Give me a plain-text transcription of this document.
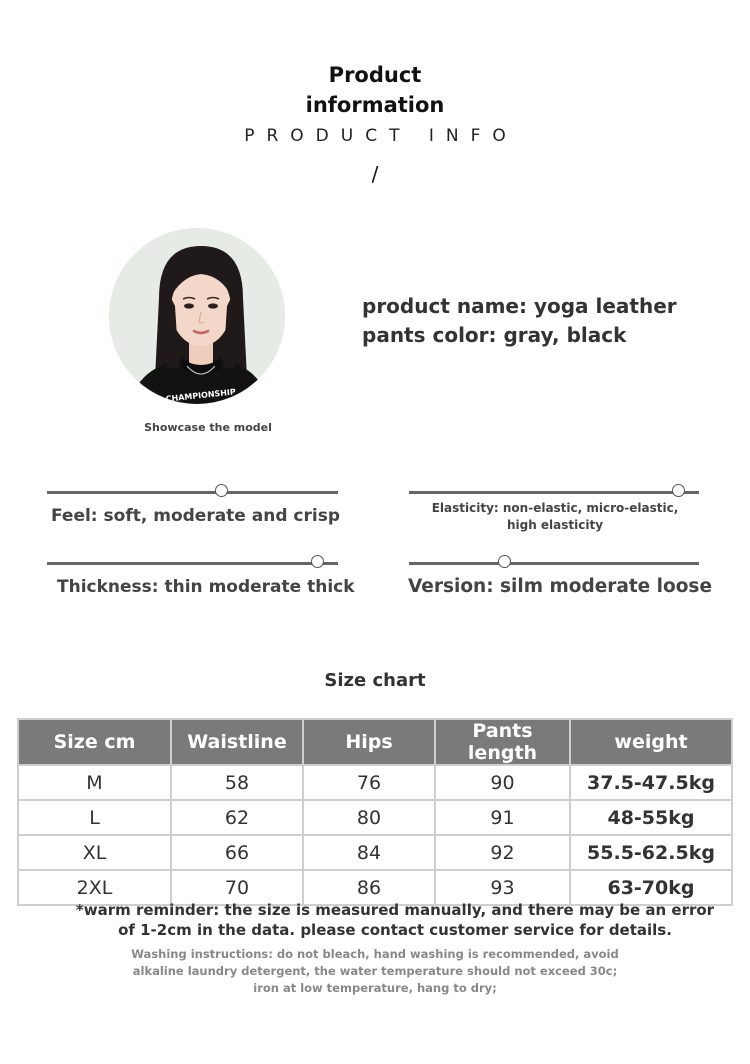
Product
information
PRODUCT INFO
/
CHAMPIONSHIP
Showcase the model
product name: yoga leather
pants color: gray, black
Feel: soft, moderate and crisp	Elasticity: non-elastic, micro-elastic, high elasticity
Thickness: thin moderate thick	Version: silm moderate loose
Size chart
Size cm	Waistline	Hips	Pants length	weight
M	58	76	90	37.5-47.5kg
L	62	80	91	48-55kg
XL	66	84	92	55.5-62.5kg
2XL	70	86	93	63-70kg
*warm reminder: the size is measured manually, and there may be an error
of 1-2cm in the data. please contact customer service for details.
Washing instructions: do not bleach, hand washing is recommended, avoid
alkaline laundry detergent, the water temperature should not exceed 30c;
iron at low temperature, hang to dry;
